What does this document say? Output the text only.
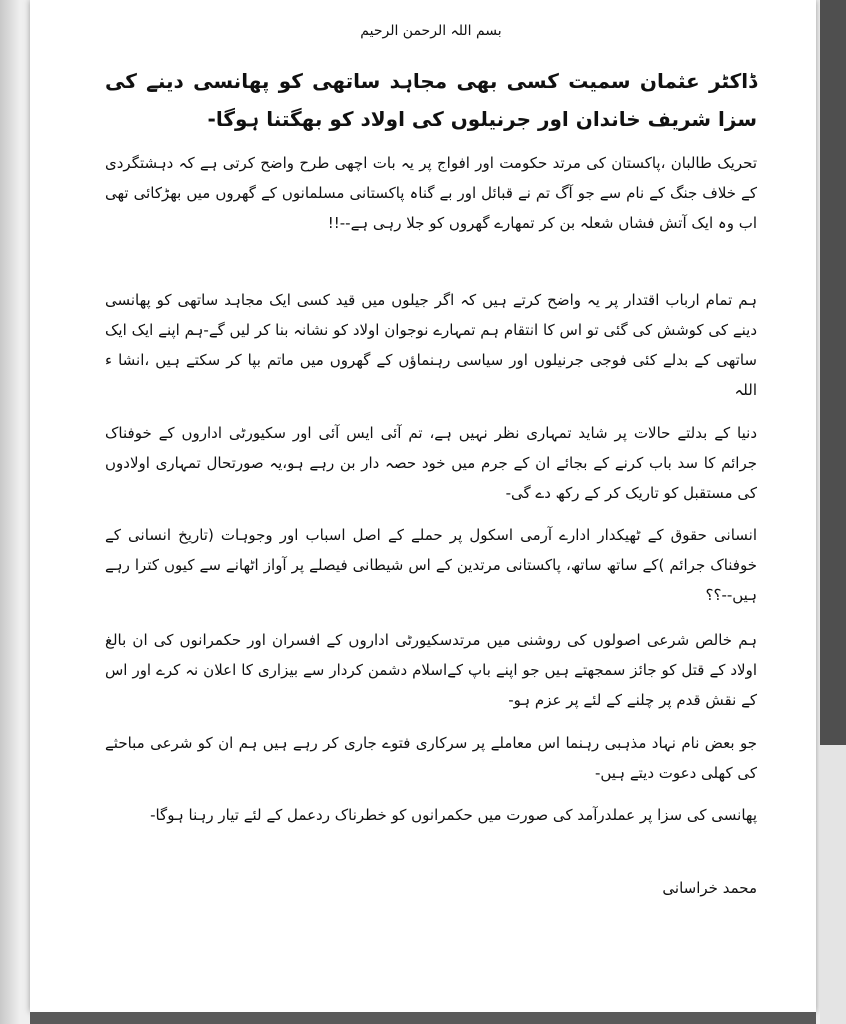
بسم اللہ الرحمن الرحیم
ڈاکٹر عثمان سمیت کسی بھی مجاہد ساتھی کو پھانسی دینے کی سزا شریف خاندان اور جرنیلوں کی اولاد کو بھگتنا ہوگا-
تحریک طالبان ،پاکستان کی مرتد حکومت اور افواج پر یہ بات اچھی طرح واضح کرتی ہے کہ دہشتگردی کے خلاف جنگ کے نام سے جو آگ تم نے قبائل اور بے گناہ پاکستانی مسلمانوں کے گھروں میں بھڑکائی تھی اب وہ ایک آتش فشاں شعلہ بن کر تمھارے گھروں کو جلا رہی ہے--!!
ہم تمام ارباب اقتدار پر یہ واضح کرتے ہیں کہ اگر جیلوں میں قید کسی ایک مجاہد ساتھی کو پھانسی دینے کی کوشش کی گئی تو اس کا انتقام ہم تمہارے نوجوان اولاد کو نشانہ بنا کر لیں گے-ہم اپنے ایک ایک ساتھی کے بدلے کئی فوجی جرنیلوں اور سیاسی رہنماؤں کے گھروں میں ماتم بپا کر سکتے ہیں ،انشا ء اللہ
دنیا کے بدلتے حالات پر شاید تمہاری نظر نہیں ہے، تم آئی ایس آئی اور سکیورٹی اداروں کے خوفناک جرائم کا سد باب کرنے کے بجائے ان کے جرم میں خود حصہ دار بن رہے ہو،یہ صورتحال تمہاری اولادوں کی مستقبل کو تاریک کر کے رکھ دے گی-
انسانی حقوق کے ٹھیکدار ادارے آرمی اسکول پر حملے کے اصل اسباب اور وجوہات (تاریخ انسانی کے خوفناک جرائم )کے ساتھ ساتھ، پاکستانی مرتدین کے اس شیطانی فیصلے پر آواز اٹھانے سے کیوں کترا رہے ہیں--؟؟
ہم خالص شرعی اصولوں کی روشنی میں مرتدسکیورٹی اداروں کے افسران اور حکمرانوں کی ان بالغ اولاد کے قتل کو جائز سمجھتے ہیں جو اپنے باپ کےاسلام دشمن کردار سے بیزاری کا اعلان نہ کرے اور اس کے نقش قدم پر چلنے کے لئے پر عزم ہو-
جو بعض نام نہاد مذہبی رہنما اس معاملے پر سرکاری فتوے جاری کر رہے ہیں ہم ان کو شرعی مباحثے کی کھلی دعوت دیتے ہیں-
پھانسی کی سزا پر عملدرآمد کی صورت میں حکمرانوں کو خطرناک ردعمل کے لئے تیار رہنا ہوگا-
محمد خراسانی
